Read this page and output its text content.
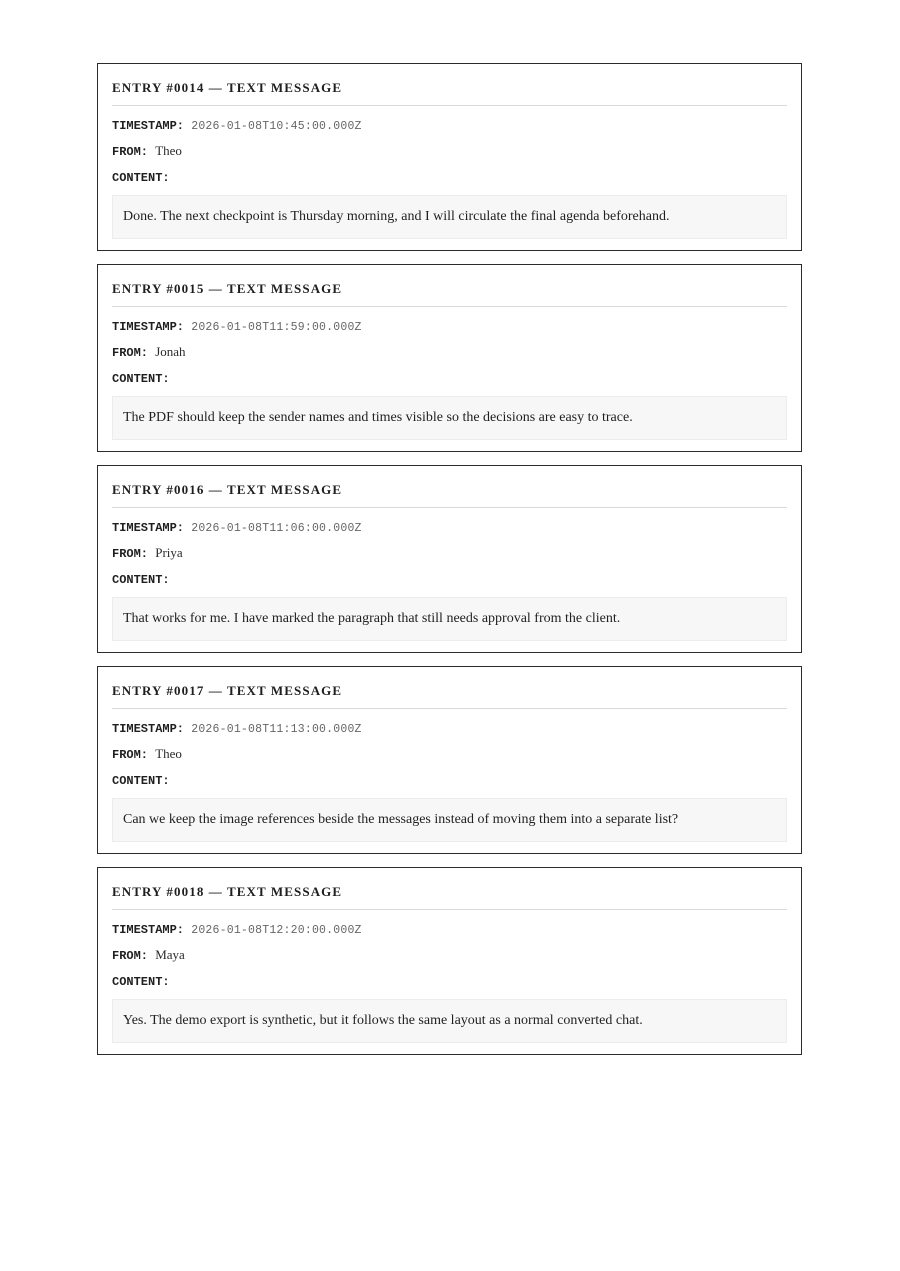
ENTRY #0014 — TEXT MESSAGE
TIMESTAMP: 2026-01-08T10:45:00.000Z
FROM: Theo
CONTENT:
Done. The next checkpoint is Thursday morning, and I will circulate the final agenda beforehand.
ENTRY #0015 — TEXT MESSAGE
TIMESTAMP: 2026-01-08T11:59:00.000Z
FROM: Jonah
CONTENT:
The PDF should keep the sender names and times visible so the decisions are easy to trace.
ENTRY #0016 — TEXT MESSAGE
TIMESTAMP: 2026-01-08T11:06:00.000Z
FROM: Priya
CONTENT:
That works for me. I have marked the paragraph that still needs approval from the client.
ENTRY #0017 — TEXT MESSAGE
TIMESTAMP: 2026-01-08T11:13:00.000Z
FROM: Theo
CONTENT:
Can we keep the image references beside the messages instead of moving them into a separate list?
ENTRY #0018 — TEXT MESSAGE
TIMESTAMP: 2026-01-08T12:20:00.000Z
FROM: Maya
CONTENT:
Yes. The demo export is synthetic, but it follows the same layout as a normal converted chat.
